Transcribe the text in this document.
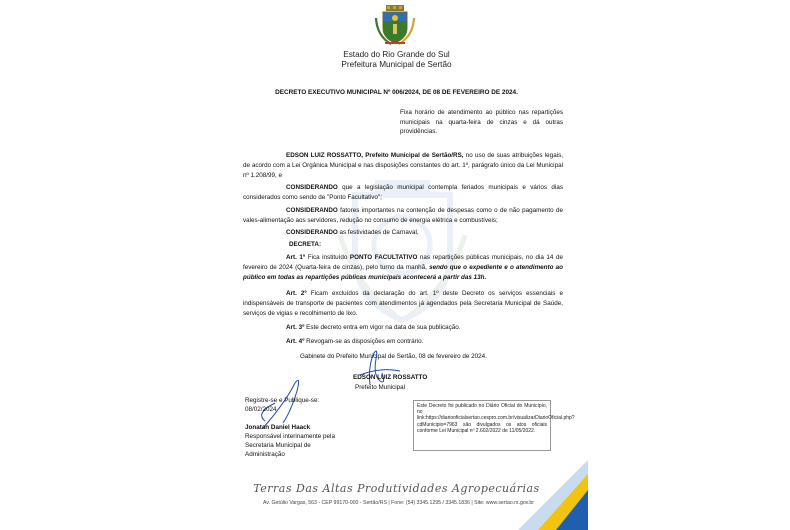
Estado do Rio Grande do Sul
Prefeitura Municipal de Sertão
DECRETO EXECUTIVO MUNICIPAL Nº 006/2024, DE 08 DE FEVEREIRO DE 2024.
Fixa horário de atendimento ao público nas repartições municipais na quarta-feira de cinzas e dá outras providências.
EDSON LUIZ ROSSATTO, Prefeito Municipal de Sertão/RS, no uso de suas atribuições legais, de acordo com a Lei Orgânica Municipal e nas disposições constantes do art. 1º, parágrafo único da Lei Municipal nº 1.208/99, e
CONSIDERANDO que a legislação municipal contempla feriados municipais e vários dias considerados como sendo de "Ponto Facultativo";
CONSIDERANDO fatores importantes na contenção de despesas como o de não pagamento de vales-alimentação aos servidores, redução no consumo de energia elétrica e combustíveis;
CONSIDERANDO as festividades de Carnaval,
DECRETA:
Art. 1º Fica instituído PONTO FACULTATIVO nas repartições públicas municipais, no dia 14 de fevereiro de 2024 (Quarta-feira de cinzas), pelo turno da manhã, sendo que o expediente e o atendimento ao público em todas as repartições públicas municipais acontecerá a partir das 13h.
Art. 2º Ficam excluídos da declaração do art. 1º deste Decreto os serviços essenciais e indispensáveis de transporte de pacientes com atendimentos já agendados pela Secretaria Municipal de Saúde, serviços de vigias e recolhimento de lixo.
Art. 3º Este decreto entra em vigor na data de sua publicação.
Art. 4º Revogam-se as disposições em contrário.
Gabinete do Prefeito Municipal de Sertão, 08 de fevereiro de 2024.
EDSON LUIZ ROSSATTO
Prefeito Municipal
Registre-se e Publique-se:
08/02/2024
Jonatan Daniel Haack
Responsável interinamente pela
Secretaria Municipal de
Administração
Este Decreto foi publicado no Diário Oficial do Município, no link:https://diariooficialsertao.cespro.com.br/visualizarDiarioOficial.php?cdMunicipio=7963 são divulgados os atos oficiais conforme Lei Municipal nº 2.602/2022 de 11/05/2022.
Terras Das Altas Produtividades Agropecuárias
Av. Getúlio Vargas, 563 - CEP 99170-000 - Sertão/RS | Fone: (54) 3345.1295 / 3345.1836 | Site: www.sertao.rs.gov.br
